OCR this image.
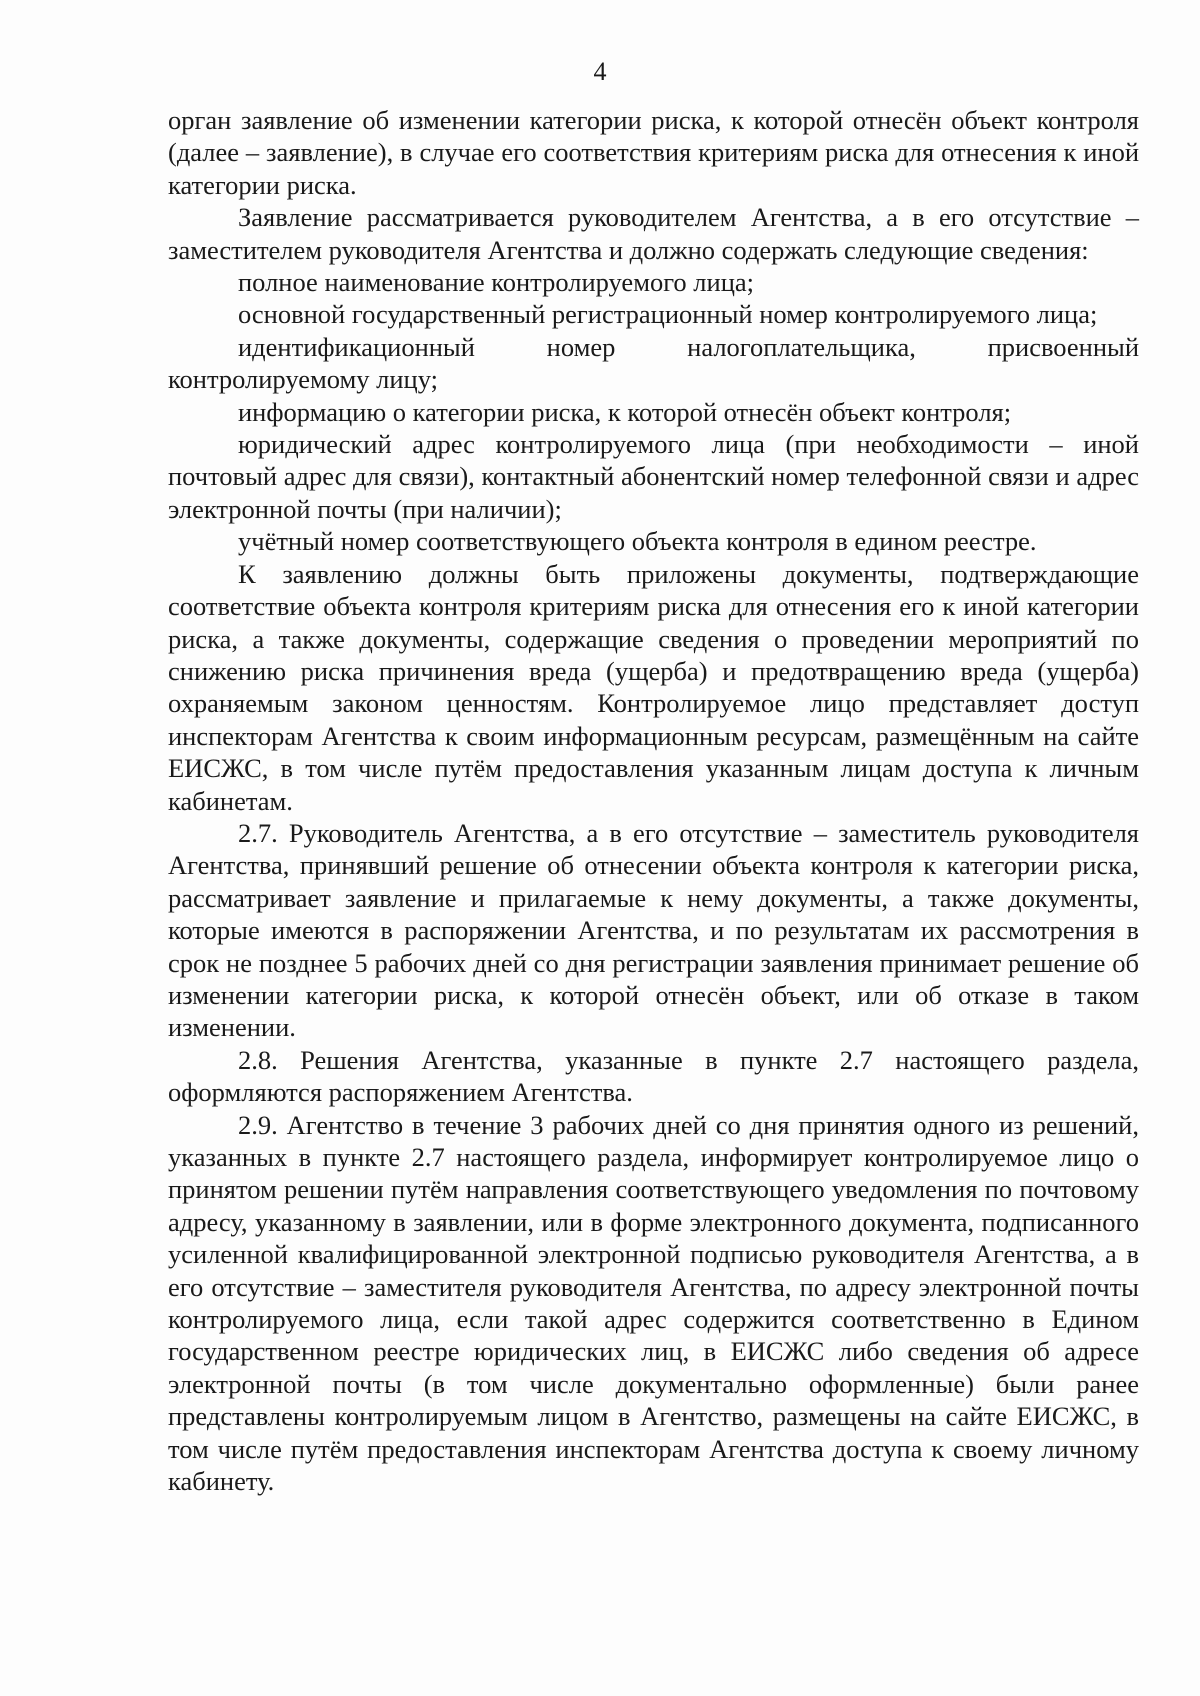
4

орган заявление об изменении категории риска, к которой отнесён объект контроля (далее – заявление), в случае его соответствия критериям риска для отнесения к иной категории риска.

Заявление рассматривается руководителем Агентства, а в его отсутствие – заместителем руководителя Агентства и должно содержать следующие сведения:

полное наименование контролируемого лица;

основной государственный регистрационный номер контролируемого лица;

идентификационный номер налогоплательщика, присвоенный контролируемому лицу;

информацию о категории риска, к которой отнесён объект контроля;

юридический адрес контролируемого лица (при необходимости – иной почтовый адрес для связи), контактный абонентский номер телефонной связи и адрес электронной почты (при наличии);

учётный номер соответствующего объекта контроля в едином реестре.

К заявлению должны быть приложены документы, подтверждающие соответствие объекта контроля критериям риска для отнесения его к иной категории риска, а также документы, содержащие сведения о проведении мероприятий по снижению риска причинения вреда (ущерба) и предотвращению вреда (ущерба) охраняемым законом ценностям. Контролируемое лицо представляет доступ инспекторам Агентства к своим информационным ресурсам, размещённым на сайте ЕИСЖС, в том числе путём предоставления указанным лицам доступа к личным кабинетам.

2.7. Руководитель Агентства, а в его отсутствие – заместитель руководителя Агентства, принявший решение об отнесении объекта контроля к категории риска, рассматривает заявление и прилагаемые к нему документы, а также документы, которые имеются в распоряжении Агентства, и по результатам их рассмотрения в срок не позднее 5 рабочих дней со дня регистрации заявления принимает решение об изменении категории риска, к которой отнесён объект, или об отказе в таком изменении.

2.8. Решения Агентства, указанные в пункте 2.7 настоящего раздела, оформляются распоряжением Агентства.

2.9. Агентство в течение 3 рабочих дней со дня принятия одного из решений, указанных в пункте 2.7 настоящего раздела, информирует контролируемое лицо о принятом решении путём направления соответствующего уведомления по почтовому адресу, указанному в заявлении, или в форме электронного документа, подписанного усиленной квалифицированной электронной подписью руководителя Агентства, а в его отсутствие – заместителя руководителя Агентства, по адресу электронной почты контролируемого лица, если такой адрес содержится соответственно в Едином государственном реестре юридических лиц, в ЕИСЖС либо сведения об адресе электронной почты (в том числе документально оформленные) были ранее представлены контролируемым лицом в Агентство, размещены на сайте ЕИСЖС, в том числе путём предоставления инспекторам Агентства доступа к своему личному кабинету.
